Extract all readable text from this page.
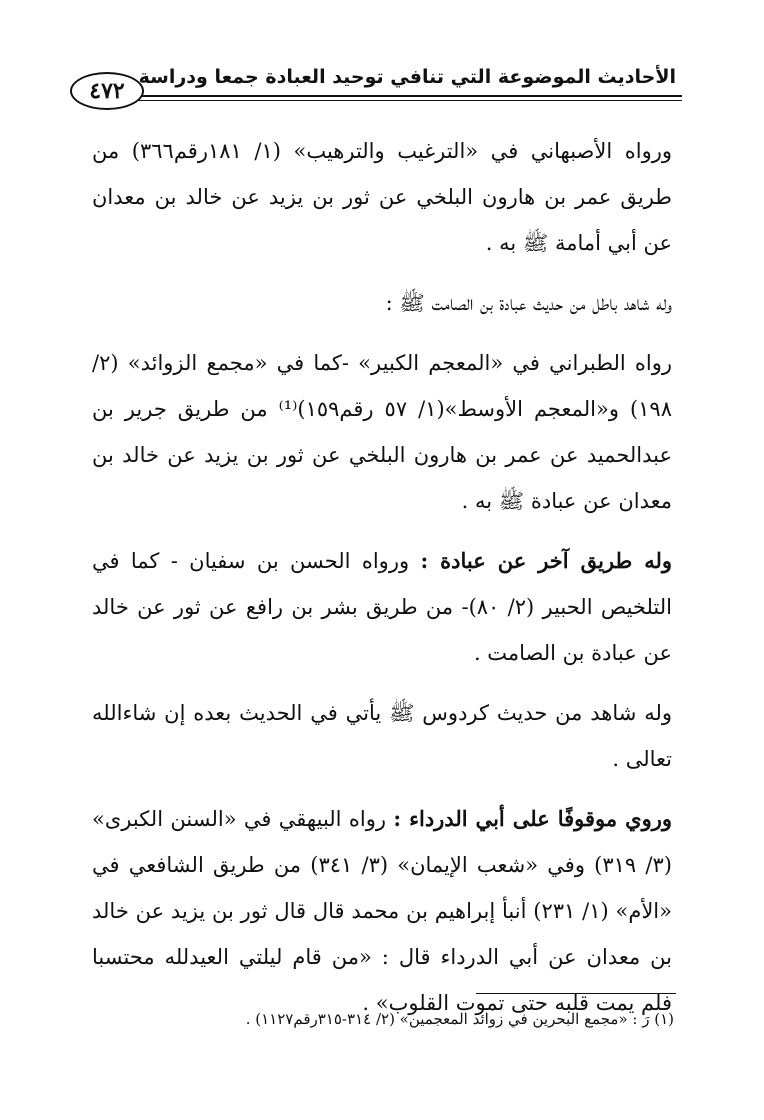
٤٧٢
الأحاديث الموضوعة التي تنافي توحيد العبادة جمعا ودراسة

ورواه الأصبهاني في «الترغيب والترهيب» (١/ ١٨١رقم٣٦٦) من طريق عمر بن هارون البلخي عن ثور بن يزيد عن خالد بن معدان عن أبي أمامة ﷺ به .

وله شاهد باطل من حديث عبادة بن الصامت ﷺ :

رواه الطبراني في «المعجم الكبير» -كما في «مجمع الزوائد» (٢/ ١٩٨) و«المعجم الأوسط»(١/ ٥٧ رقم١٥٩)⁽¹⁾ من طريق جرير بن عبدالحميد عن عمر بن هارون البلخي عن ثور بن يزيد عن خالد بن معدان عن عبادة ﷺ به .

وله طريق آخر عن عبادة : ورواه الحسن بن سفيان - كما في التلخيص الحبير (٢/ ٨٠)- من طريق بشر بن رافع عن ثور عن خالد عن عبادة بن الصامت .

وله شاهد من حديث كردوس ﷺ يأتي في الحديث بعده إن شاءالله تعالى .

وروي موقوفًا على أبي الدرداء : رواه البيهقي في «السنن الكبرى» (٣/ ٣١٩) وفي «شعب الإيمان» (٣/ ٣٤١) من طريق الشافعي في «الأم» (١/ ٢٣١) أنبأ إبراهيم بن محمد قال قال ثور بن يزيد عن خالد بن معدان عن أبي الدرداء قال : «من قام ليلتي العيدلله محتسبا فلم يمت قلبه حتى تموت القلوب» .

(١) رَ : «مجمع البحرين في زوائد المعجمين» (٢/ ٣١٤-٣١٥رقم١١٢٧) .
